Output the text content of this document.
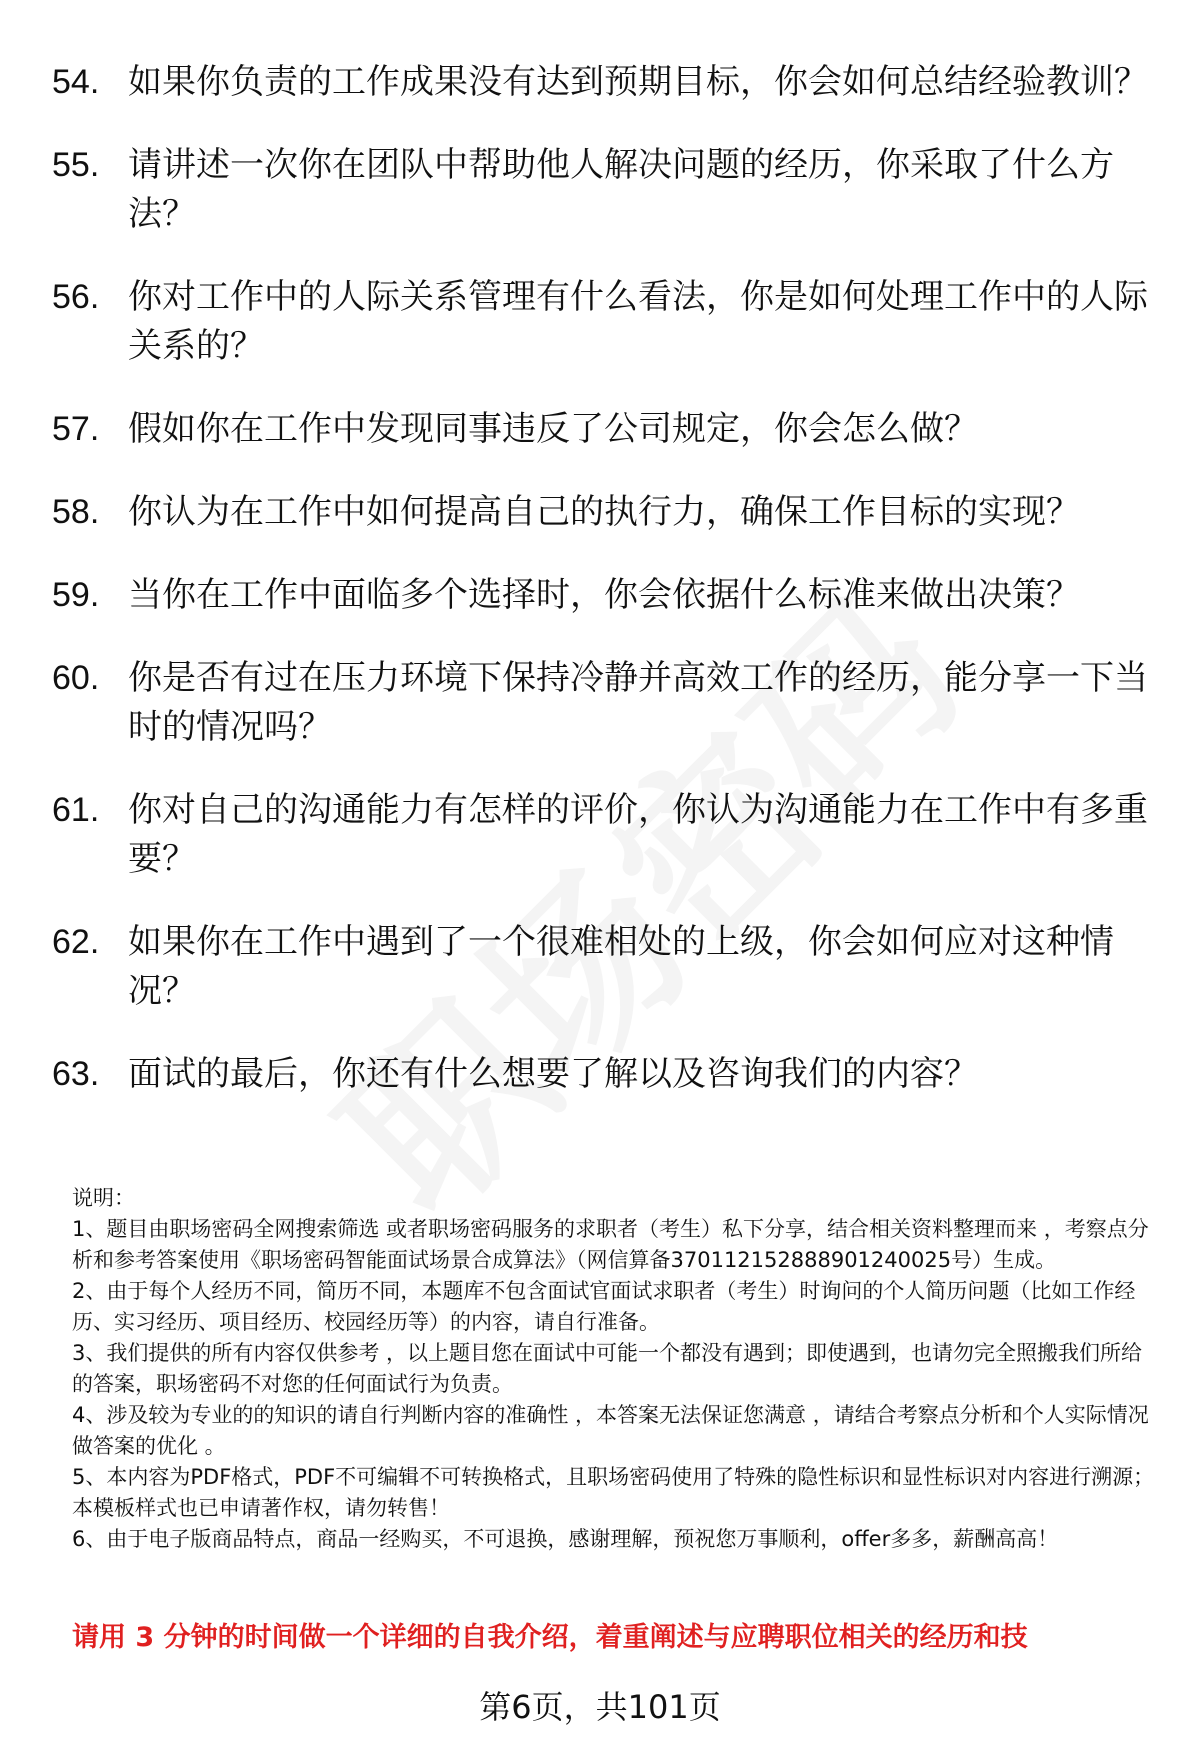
54. 如果你负责的工作成果没有达到预期目标，你会如何总结经验教训？
55. 请讲述一次你在团队中帮助他人解决问题的经历，你采取了什么方法？
56. 你对工作中的人际关系管理有什么看法，你是如何处理工作中的人际关系的？
57. 假如你在工作中发现同事违反了公司规定，你会怎么做？
58. 你认为在工作中如何提高自己的执行力，确保工作目标的实现？
59. 当你在工作中面临多个选择时，你会依据什么标准来做出决策？
60. 你是否有过在压力环境下保持冷静并高效工作的经历，能分享一下当时的情况吗？
61. 你对自己的沟通能力有怎样的评价，你认为沟通能力在工作中有多重要？
62. 如果你在工作中遇到了一个很难相处的上级，你会如何应对这种情况？
63. 面试的最后，你还有什么想要了解以及咨询我们的内容？

说明：

1、题目由职场密码全网搜索筛选 或者职场密码服务的求职者（考生）私下分享，结合相关资料整理而来 ，考察点分析和参考答案使用《职场密码智能面试场景合成算法》（网信算备370112152888901240025号）生成。

2、由于每个人经历不同，简历不同，本题库不包含面试官面试求职者（考生）时询问的个人简历问题（比如工作经历、实习经历、项目经历、校园经历等）的内容，请自行准备。

3、我们提供的所有内容仅供参考 ，以上题目您在面试中可能一个都没有遇到；即使遇到，也请勿完全照搬我们所给的答案，职场密码不对您的任何面试行为负责。

4、涉及较为专业的的知识的请自行判断内容的准确性 ，本答案无法保证您满意 ，请结合考察点分析和个人实际情况做答案的优化 。

5、本内容为PDF格式，PDF不可编辑不可转换格式，且职场密码使用了特殊的隐性标识和显性标识对内容进行溯源；本模板样式也已申请著作权，请勿转售！

6、由于电子版商品特点，商品一经购买，不可退换，感谢理解，预祝您万事顺利，offer多多，薪酬高高！

请用 3 分钟的时间做一个详细的自我介绍，着重阐述与应聘职位相关的经历和技
第6页，共101页
